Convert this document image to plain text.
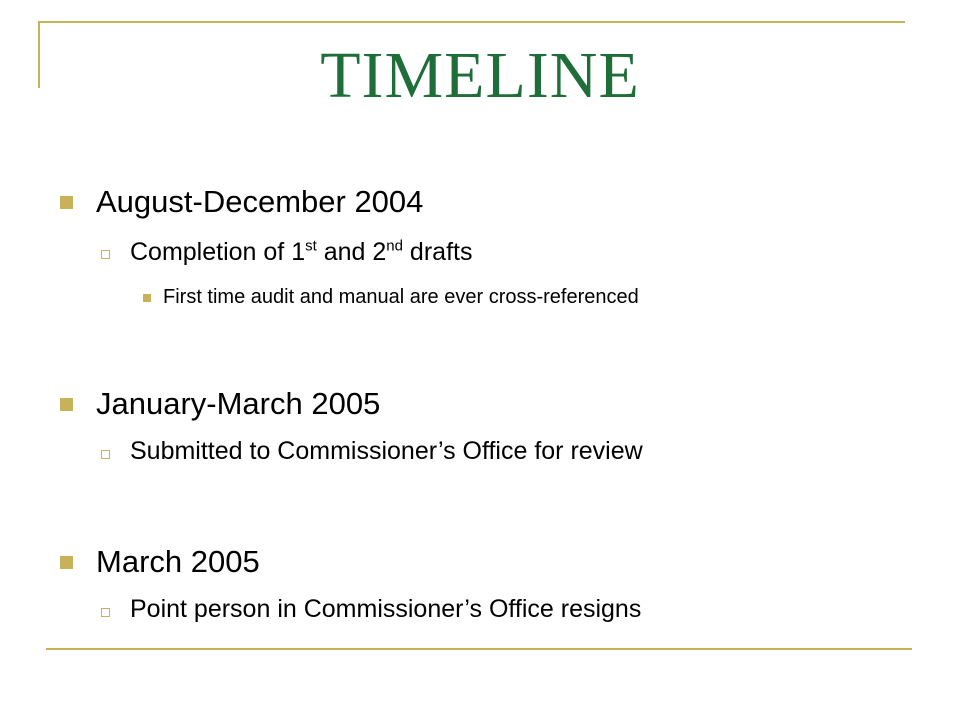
TIMELINE
August-December 2004
Completion of 1st and 2nd drafts
First time audit and manual are ever cross-referenced
January-March 2005
Submitted to Commissioner’s Office for review
March 2005
Point person in Commissioner’s Office resigns
